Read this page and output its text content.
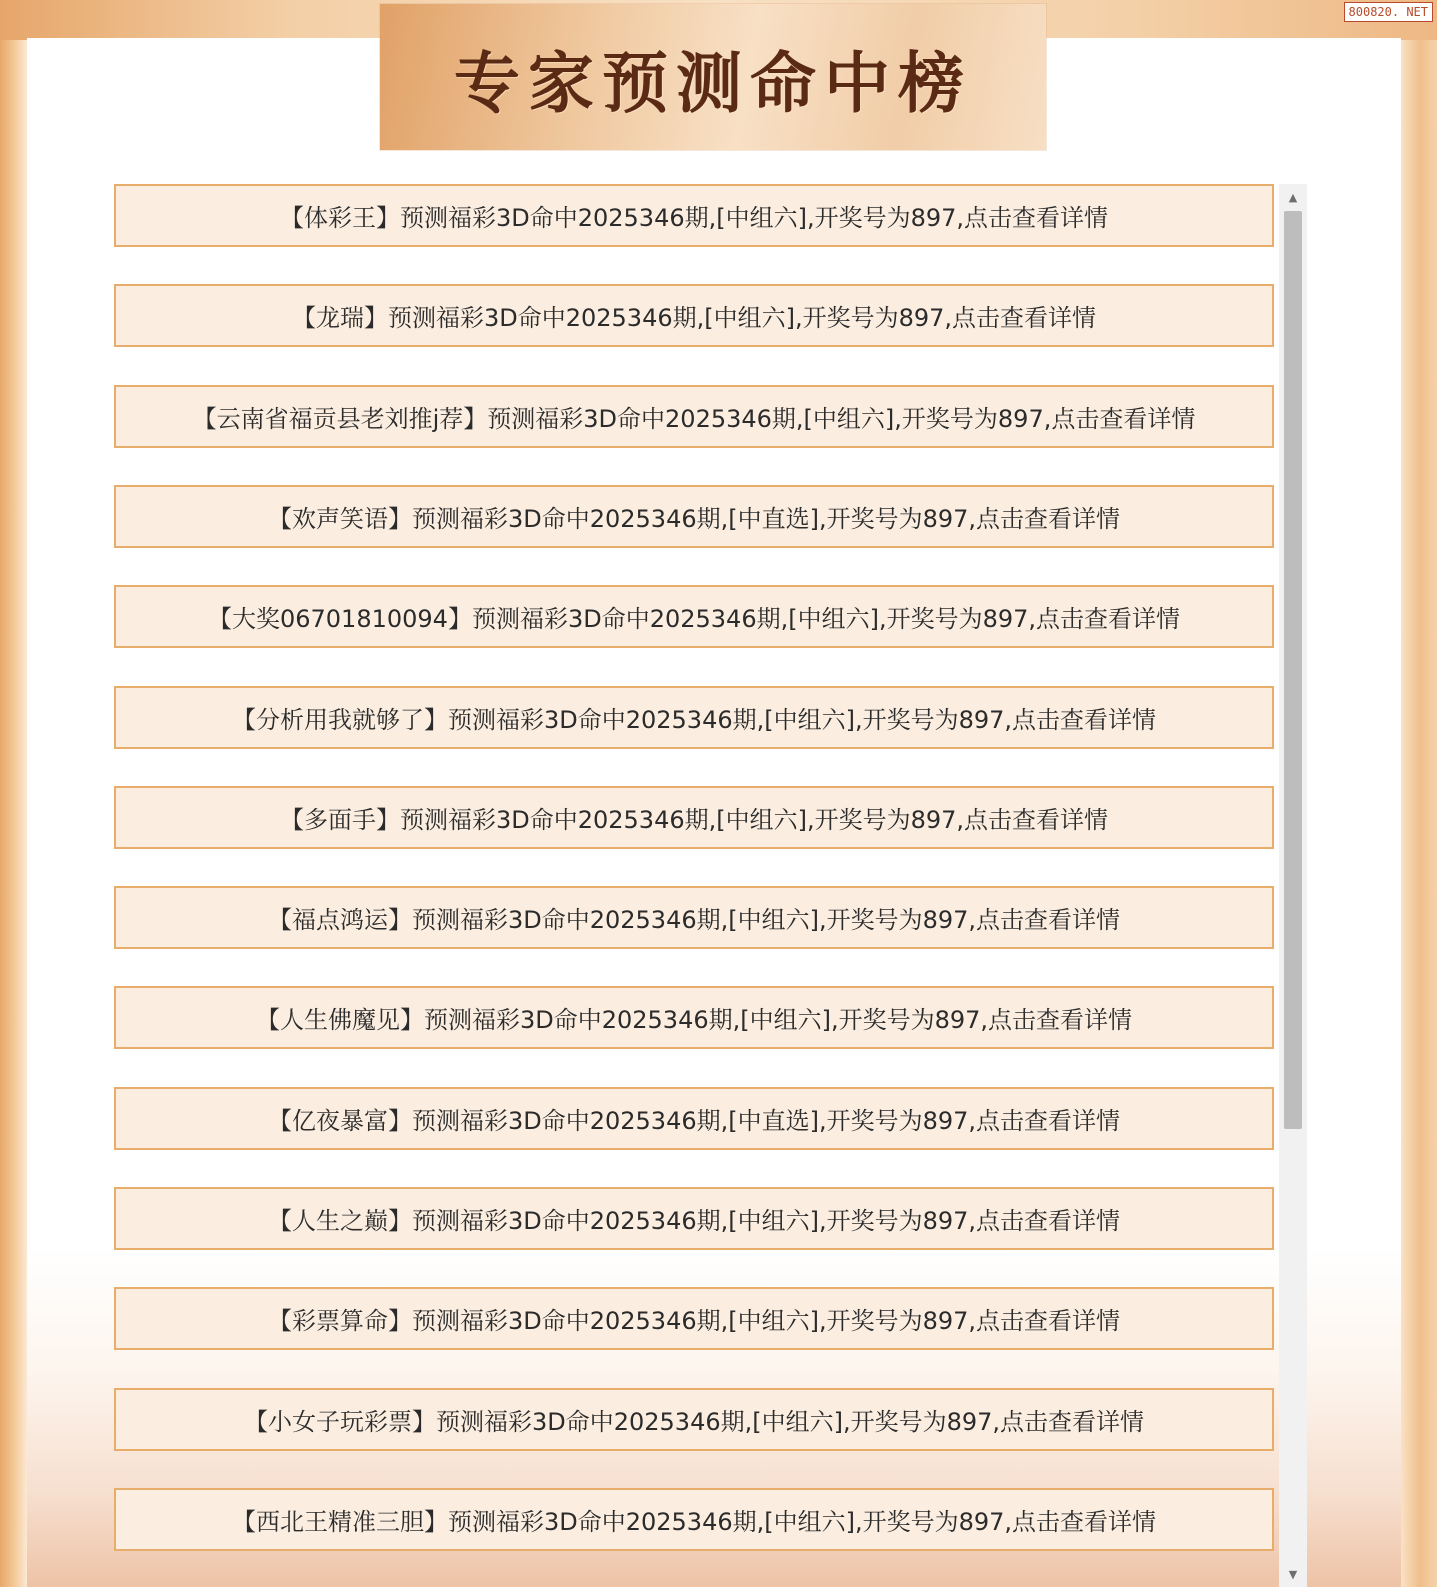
专家预测命中榜
800820. NET
【体彩王】预测福彩3D命中2025346期,[中组六],开奖号为897,点击查看详情
【龙瑞】预测福彩3D命中2025346期,[中组六],开奖号为897,点击查看详情
【云南省福贡县老刘推j荐】预测福彩3D命中2025346期,[中组六],开奖号为897,点击查看详情
【欢声笑语】预测福彩3D命中2025346期,[中直选],开奖号为897,点击查看详情
【大奖06701810094】预测福彩3D命中2025346期,[中组六],开奖号为897,点击查看详情
【分析用我就够了】预测福彩3D命中2025346期,[中组六],开奖号为897,点击查看详情
【多面手】预测福彩3D命中2025346期,[中组六],开奖号为897,点击查看详情
【福点鸿运】预测福彩3D命中2025346期,[中组六],开奖号为897,点击查看详情
【人生佛魔见】预测福彩3D命中2025346期,[中组六],开奖号为897,点击查看详情
【亿夜暴富】预测福彩3D命中2025346期,[中直选],开奖号为897,点击查看详情
【人生之巅】预测福彩3D命中2025346期,[中组六],开奖号为897,点击查看详情
【彩票算命】预测福彩3D命中2025346期,[中组六],开奖号为897,点击查看详情
【小女子玩彩票】预测福彩3D命中2025346期,[中组六],开奖号为897,点击查看详情
【西北王精准三胆】预测福彩3D命中2025346期,[中组六],开奖号为897,点击查看详情
▲
▼
